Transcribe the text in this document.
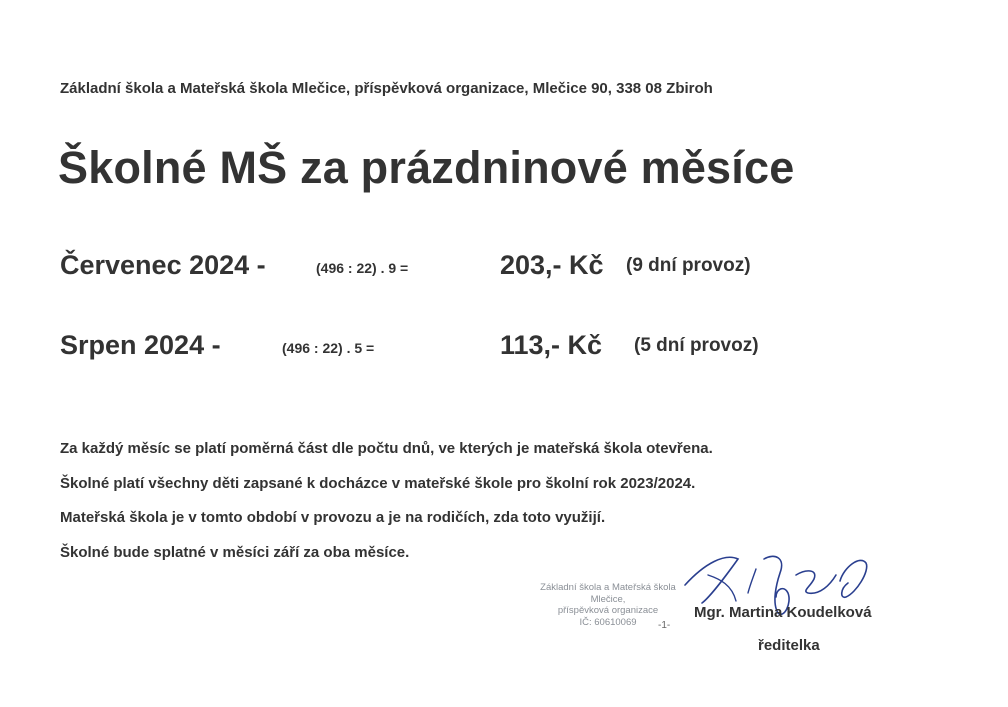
Základní škola a Mateřská škola Mlečice, příspěvková organizace, Mlečice 90, 338 08 Zbiroh
Školné MŠ za prázdninové měsíce
Červenec 2024 -	(496 : 22) . 9 =	203,- Kč (9 dní provoz)
Srpen 2024 -	(496 : 22) . 5 =	113,- Kč (5 dní provoz)
Za každý měsíc se platí poměrná část dle počtu dnů, ve kterých je mateřská škola otevřena.
Školné platí všechny děti zapsané k docházce v mateřské škole pro školní rok 2023/2024.
Mateřská škola je v tomto období v provozu a je na rodičích, zda toto využijí.
Školné bude splatné v měsíci září za oba měsíce.
Základní škola a Mateřská škola
Mlečice,
příspěvková organizace
IČ: 60610069	-1-
Mgr. Martina Koudelková
ředitelka
